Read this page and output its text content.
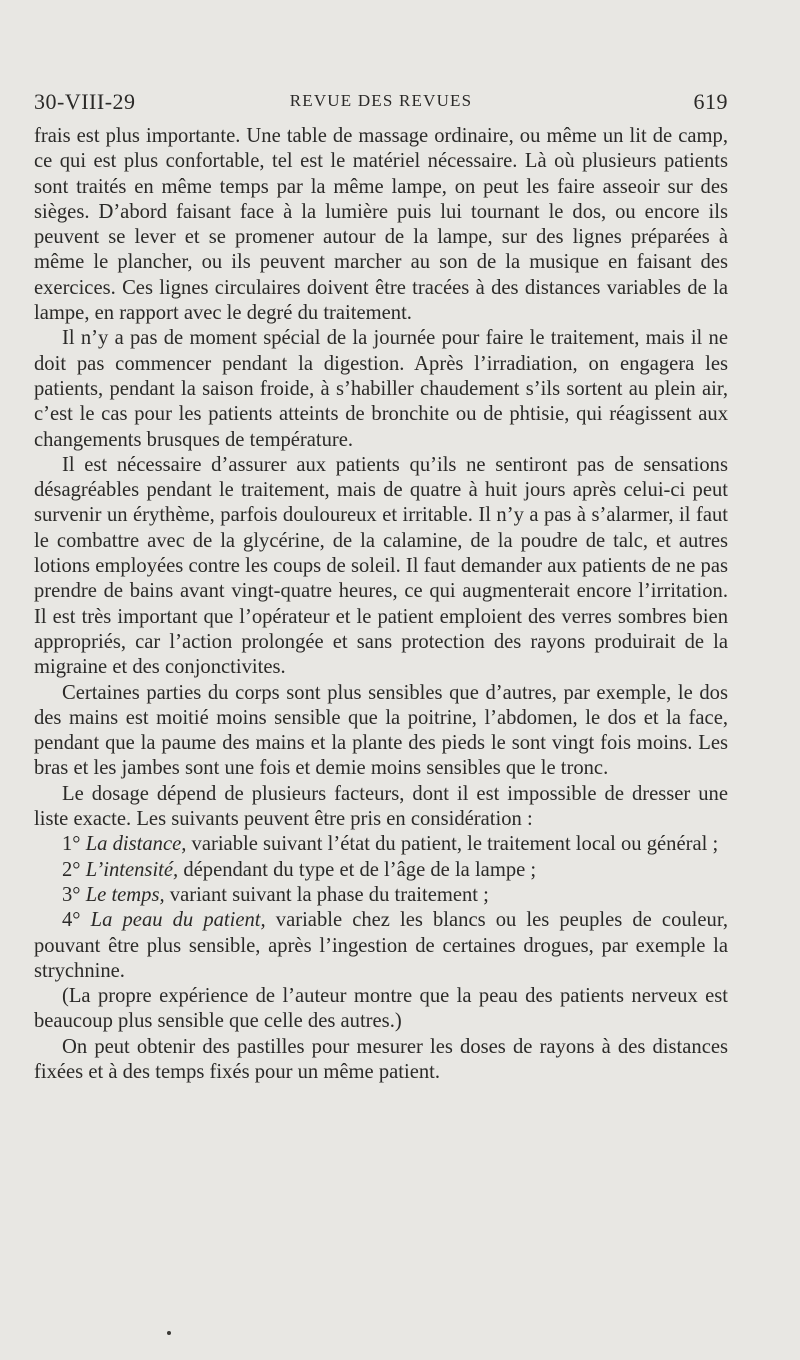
30-VIII-29	REVUE DES REVUES	619

frais est plus importante. Une table de massage ordinaire, ou même un lit de camp, ce qui est plus confortable, tel est le matériel nécessaire. Là où plusieurs patients sont traités en même temps par la même lampe, on peut les faire asseoir sur des sièges. D’abord faisant face à la lumière puis lui tournant le dos, ou encore ils peuvent se lever et se promener autour de la lampe, sur des lignes préparées à même le plancher, ou ils peuvent marcher au son de la musique en faisant des exercices. Ces lignes circulaires doivent être tracées à des distances variables de la lampe, en rapport avec le degré du traitement.

Il n’y a pas de moment spécial de la journée pour faire le traitement, mais il ne doit pas commencer pendant la digestion. Après l’irradiation, on engagera les patients, pendant la saison froide, à s’habiller chaudement s’ils sortent au plein air, c’est le cas pour les patients atteints de bronchite ou de phtisie, qui réagissent aux changements brusques de température.

Il est nécessaire d’assurer aux patients qu’ils ne sentiront pas de sensations désagréables pendant le traitement, mais de quatre à huit jours après celui-ci peut survenir un érythème, parfois douloureux et irritable. Il n’y a pas à s’alarmer, il faut le combattre avec de la glycérine, de la calamine, de la poudre de talc, et autres lotions employées contre les coups de soleil. Il faut demander aux patients de ne pas prendre de bains avant vingt-quatre heures, ce qui augmenterait encore l’irritation. Il est très important que l’opérateur et le patient emploient des verres sombres bien appropriés, car l’action prolongée et sans protection des rayons produirait de la migraine et des conjonctivites.

Certaines parties du corps sont plus sensibles que d’autres, par exemple, le dos des mains est moitié moins sensible que la poitrine, l’abdomen, le dos et la face, pendant que la paume des mains et la plante des pieds le sont vingt fois moins. Les bras et les jambes sont une fois et demie moins sensibles que le tronc.

Le dosage dépend de plusieurs facteurs, dont il est impossible de dresser une liste exacte. Les suivants peuvent être pris en considération :

1° La distance, variable suivant l’état du patient, le traitement local ou général ;

2° L’intensité, dépendant du type et de l’âge de la lampe ;

3° Le temps, variant suivant la phase du traitement ;

4° La peau du patient, variable chez les blancs ou les peuples de couleur, pouvant être plus sensible, après l’ingestion de certaines drogues, par exemple la strychnine.

(La propre expérience de l’auteur montre que la peau des patients nerveux est beaucoup plus sensible que celle des autres.)

On peut obtenir des pastilles pour mesurer les doses de rayons à des distances fixées et à des temps fixés pour un même patient.
